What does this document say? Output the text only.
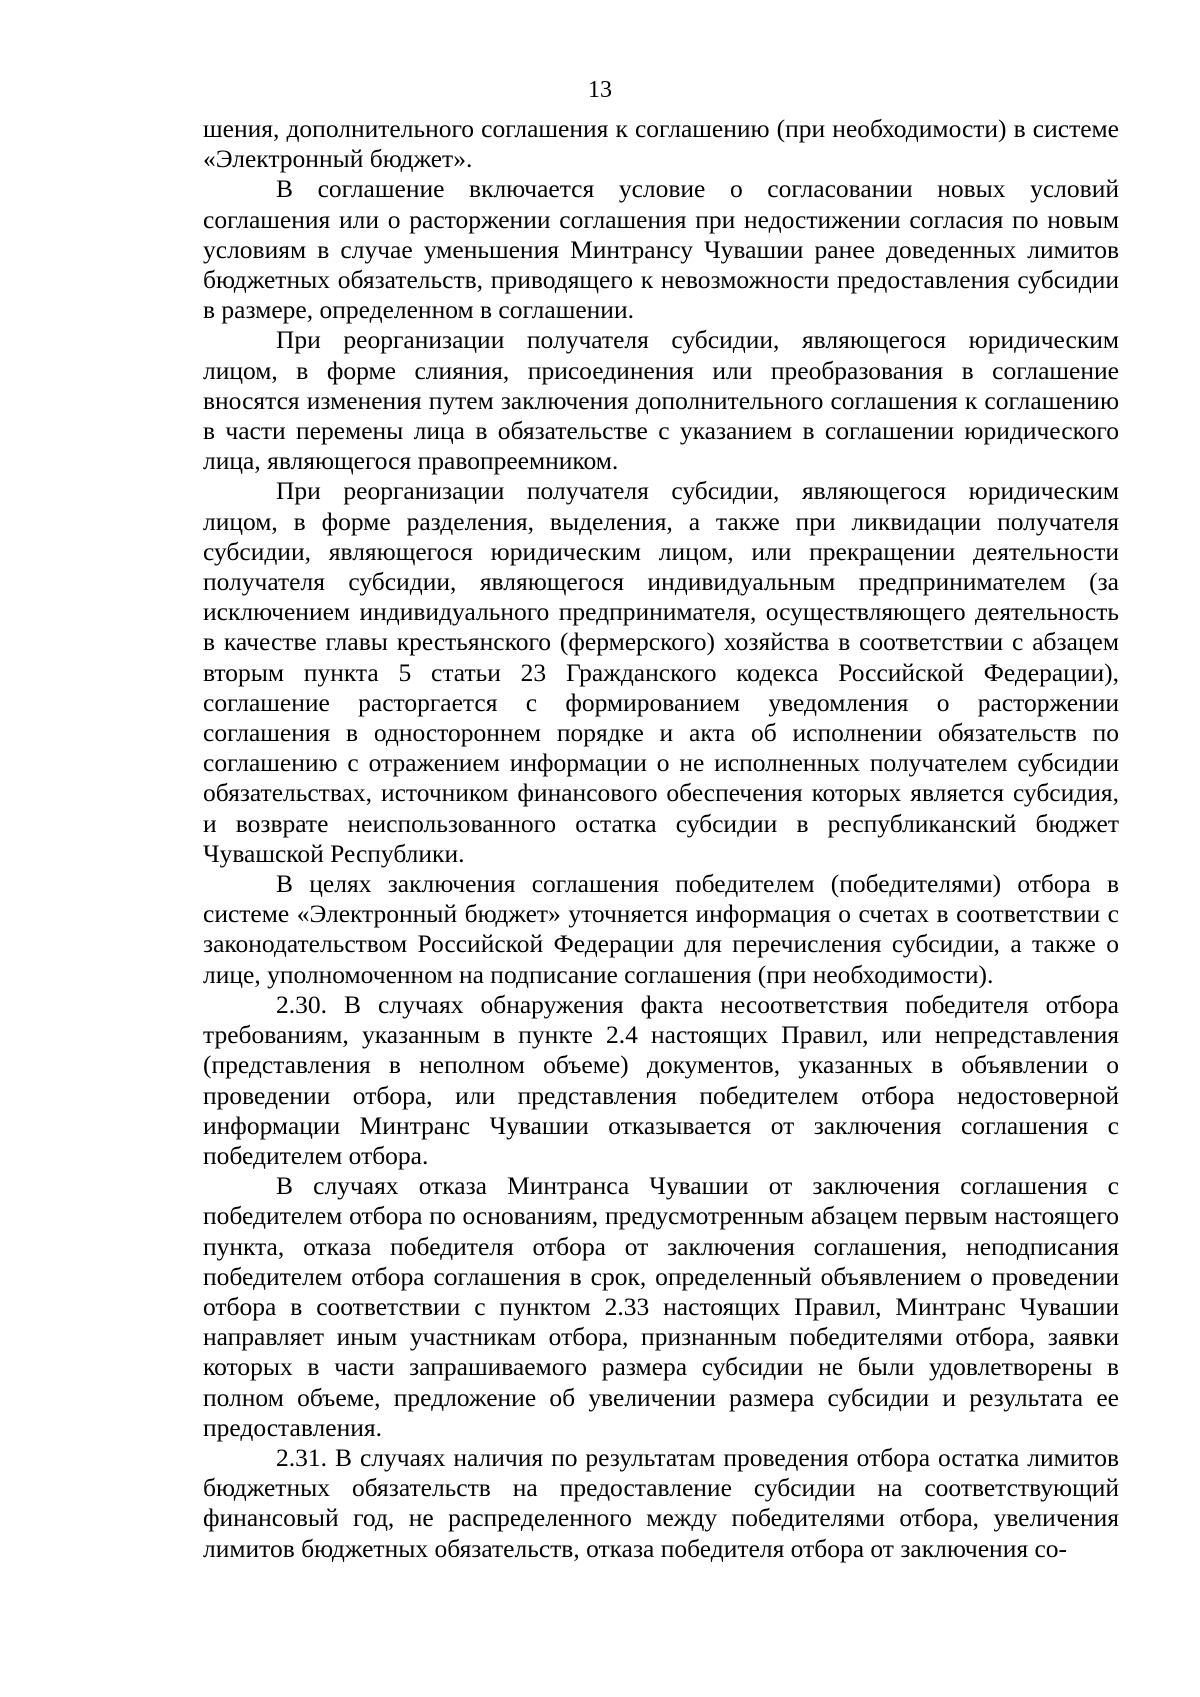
13

шения, дополнительного соглашения к соглашению (при необходимости) в системе «Электронный бюджет».

В соглашение включается условие о согласовании новых условий соглашения или о расторжении соглашения при недостижении согласия по новым условиям в случае уменьшения Минтрансу Чувашии ранее доведенных лимитов бюджетных обязательств, приводящего к невозможности предоставления субсидии в размере, определенном в соглашении.

При реорганизации получателя субсидии, являющегося юридическим лицом, в форме слияния, присоединения или преобразования в соглашение вносятся изменения путем заключения дополнительного соглашения к соглашению в части перемены лица в обязательстве с указанием в соглашении юридического лица, являющегося правопреемником.

При реорганизации получателя субсидии, являющегося юридическим лицом, в форме разделения, выделения, а также при ликвидации получателя субсидии, являющегося юридическим лицом, или прекращении деятельности получателя субсидии, являющегося индивидуальным предпринимателем (за исключением индивидуального предпринимателя, осуществляющего деятельность в качестве главы крестьянского (фермерского) хозяйства в соответствии с абзацем вторым пункта 5 статьи 23 Гражданского кодекса Российской Федерации), соглашение расторгается с формированием уведомления о расторжении соглашения в одностороннем порядке и акта об исполнении обязательств по соглашению с отражением информации о не исполненных получателем субсидии обязательствах, источником финансового обеспечения которых является субсидия, и возврате неиспользованного остатка субсидии в республиканский бюджет Чувашской Республики.

В целях заключения соглашения победителем (победителями) отбора в системе «Электронный бюджет» уточняется информация о счетах в соответствии с законодательством Российской Федерации для перечисления субсидии, а также о лице, уполномоченном на подписание соглашения (при необходимости).

2.30. В случаях обнаружения факта несоответствия победителя отбора требованиям, указанным в пункте 2.4 настоящих Правил, или непредставления (представления в неполном объеме) документов, указанных в объявлении о проведении отбора, или представления победителем отбора недостоверной информации Минтранс Чувашии отказывается от заключения соглашения с победителем отбора.

В случаях отказа Минтранса Чувашии от заключения соглашения с победителем отбора по основаниям, предусмотренным абзацем первым настоящего пункта, отказа победителя отбора от заключения соглашения, неподписания победителем отбора соглашения в срок, определенный объявлением о проведении отбора в соответствии с пунктом 2.33 настоящих Правил, Минтранс Чувашии направляет иным участникам отбора, признанным победителями отбора, заявки которых в части запрашиваемого размера субсидии не были удовлетворены в полном объеме, предложение об увеличении размера субсидии и результата ее предоставления.

2.31. В случаях наличия по результатам проведения отбора остатка лимитов бюджетных обязательств на предоставление субсидии на соответствующий финансовый год, не распределенного между победителями отбора, увеличения лимитов бюджетных обязательств, отказа победителя отбора от заключения со-
